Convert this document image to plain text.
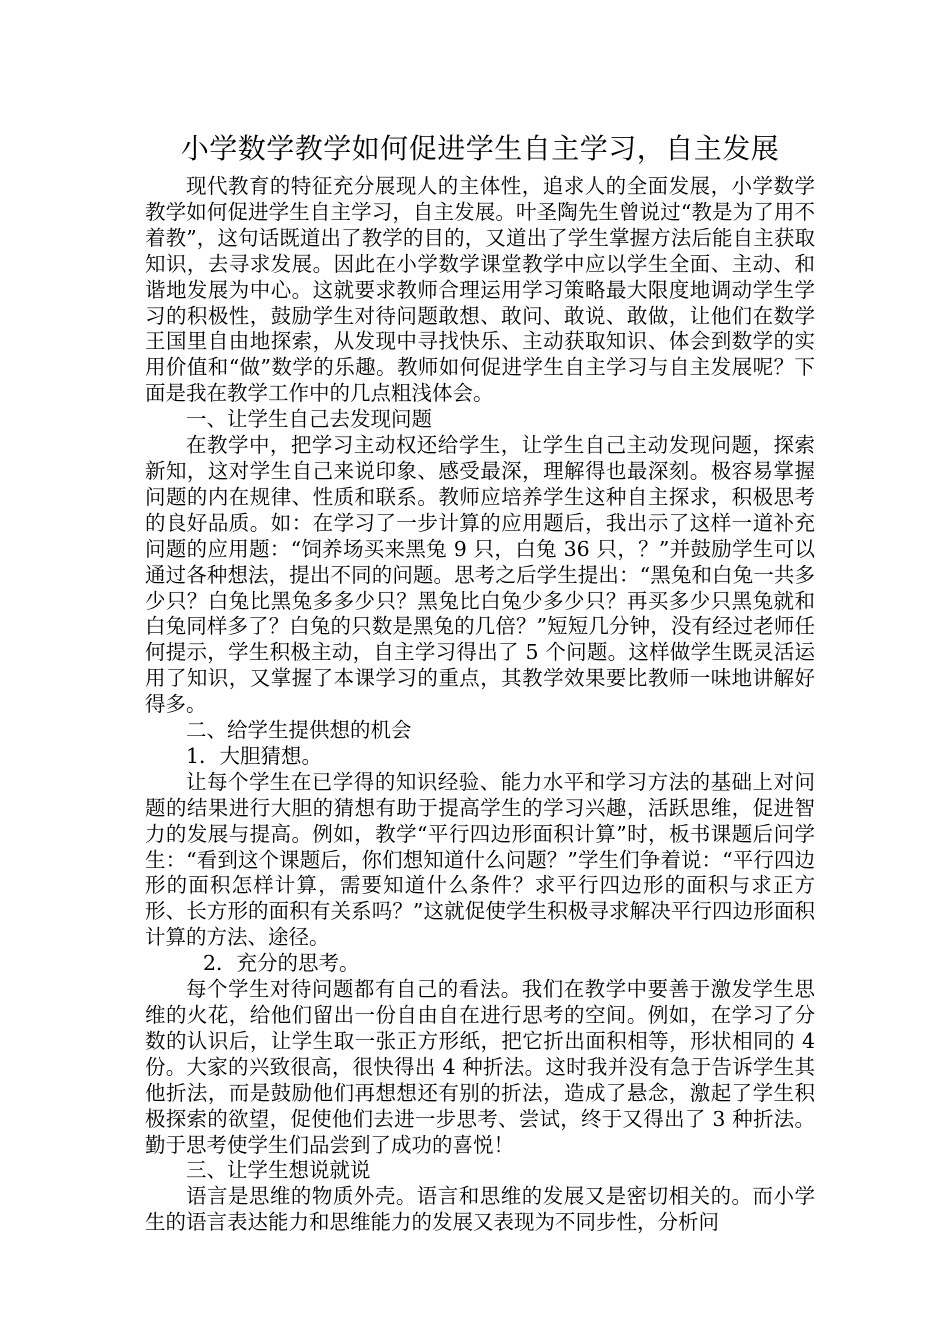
小学数学教学如何促进学生自主学习，自主发展

现代教育的特征充分展现人的主体性，追求人的全面发展，小学数学教学如何促进学生自主学习，自主发展。叶圣陶先生曾说过“教是为了用不着教”，这句话既道出了教学的目的，又道出了学生掌握方法后能自主获取知识，去寻求发展。因此在小学数学课堂教学中应以学生全面、主动、和谐地发展为中心。这就要求教师合理运用学习策略最大限度地调动学生学习的积极性，鼓励学生对待问题敢想、敢问、敢说、敢做，让他们在数学王国里自由地探索，从发现中寻找快乐、主动获取知识、体会到数学的实用价值和“做”数学的乐趣。教师如何促进学生自主学习与自主发展呢？下面是我在教学工作中的几点粗浅体会。

一、让学生自己去发现问题

在教学中，把学习主动权还给学生，让学生自己主动发现问题，探索新知，这对学生自己来说印象、感受最深，理解得也最深刻。极容易掌握问题的内在规律、性质和联系。教师应培养学生这种自主探求，积极思考的良好品质。如：在学习了一步计算的应用题后，我出示了这样一道补充问题的应用题：“饲养场买来黑兔 9 只，白兔 36 只，？”并鼓励学生可以通过各种想法，提出不同的问题。思考之后学生提出：“黑兔和白兔一共多少只？白兔比黑兔多多少只？黑兔比白兔少多少只？再买多少只黑兔就和白兔同样多了？白兔的只数是黑兔的几倍？”短短几分钟，没有经过老师任何提示，学生积极主动，自主学习得出了 5 个问题。这样做学生既灵活运用了知识，又掌握了本课学习的重点，其教学效果要比教师一味地讲解好得多。

二、给学生提供想的机会

1．大胆猜想。

让每个学生在已学得的知识经验、能力水平和学习方法的基础上对问题的结果进行大胆的猜想有助于提高学生的学习兴趣，活跃思维，促进智力的发展与提高。例如，教学“平行四边形面积计算”时，板书课题后问学生：“看到这个课题后，你们想知道什么问题？”学生们争着说：“平行四边形的面积怎样计算，需要知道什么条件？求平行四边形的面积与求正方形、长方形的面积有关系吗？”这就促使学生积极寻求解决平行四边形面积计算的方法、途径。

2．充分的思考。

每个学生对待问题都有自己的看法。我们在教学中要善于激发学生思维的火花，给他们留出一份自由自在进行思考的空间。例如，在学习了分数的认识后，让学生取一张正方形纸，把它折出面积相等，形状相同的 4 份。大家的兴致很高，很快得出 4 种折法。这时我并没有急于告诉学生其他折法，而是鼓励他们再想想还有别的折法，造成了悬念，激起了学生积极探索的欲望，促使他们去进一步思考、尝试，终于又得出了 3 种折法。勤于思考使学生们品尝到了成功的喜悦！

三、让学生想说就说

语言是思维的物质外壳。语言和思维的发展又是密切相关的。而小学生的语言表达能力和思维能力的发展又表现为不同步性，分析问
